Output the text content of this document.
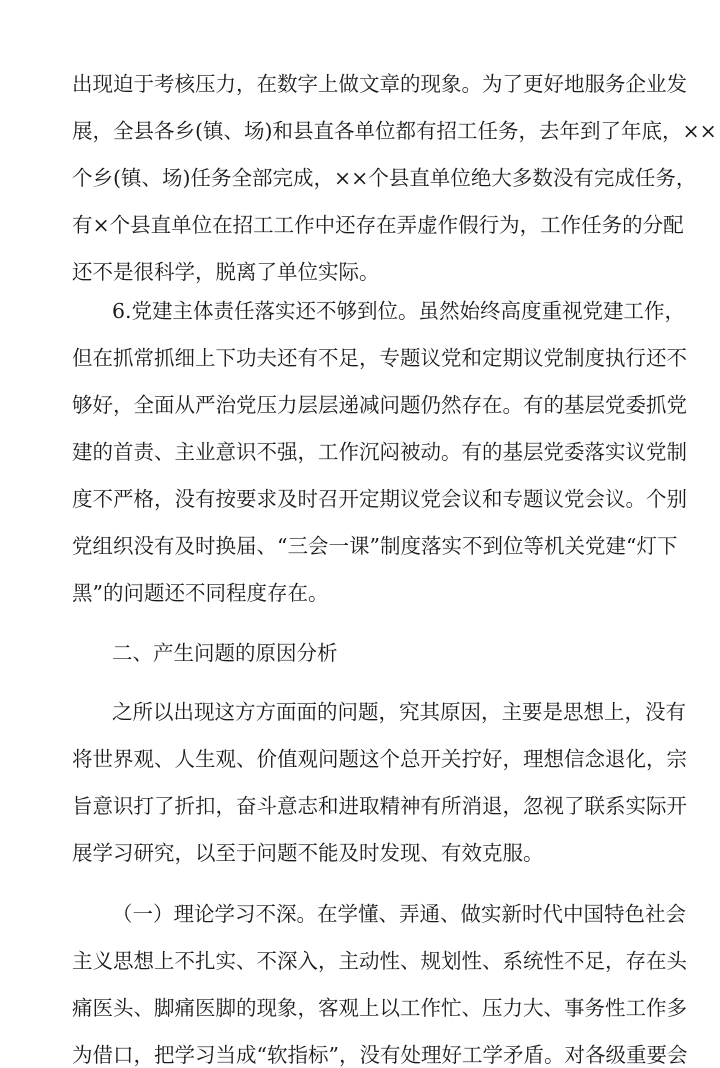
出现迫于考核压力，在数字上做文章的现象。为了更好地服务企业发
展，全县各乡(镇、场)和县直各单位都有招工任务，去年到了年底，××
个乡(镇、场)任务全部完成，××个县直单位绝大多数没有完成任务，
有×个县直单位在招工工作中还存在弄虚作假行为，工作任务的分配
还不是很科学，脱离了单位实际。
6.党建主体责任落实还不够到位。虽然始终高度重视党建工作，
但在抓常抓细上下功夫还有不足，专题议党和定期议党制度执行还不
够好，全面从严治党压力层层递减问题仍然存在。有的基层党委抓党
建的首责、主业意识不强，工作沉闷被动。有的基层党委落实议党制
度不严格，没有按要求及时召开定期议党会议和专题议党会议。个别
党组织没有及时换届、“三会一课”制度落实不到位等机关党建“灯下
黑”的问题还不同程度存在。
二、产生问题的原因分析
之所以出现这方方面面的问题，究其原因，主要是思想上，没有
将世界观、人生观、价值观问题这个总开关拧好，理想信念退化，宗
旨意识打了折扣，奋斗意志和进取精神有所消退，忽视了联系实际开
展学习研究，以至于问题不能及时发现、有效克服。
（一）理论学习不深。在学懂、弄通、做实新时代中国特色社会
主义思想上不扎实、不深入，主动性、规划性、系统性不足，存在头
痛医头、脚痛医脚的现象，客观上以工作忙、压力大、事务性工作多
为借口，把学习当成“软指标”，没有处理好工学矛盾。对各级重要会
